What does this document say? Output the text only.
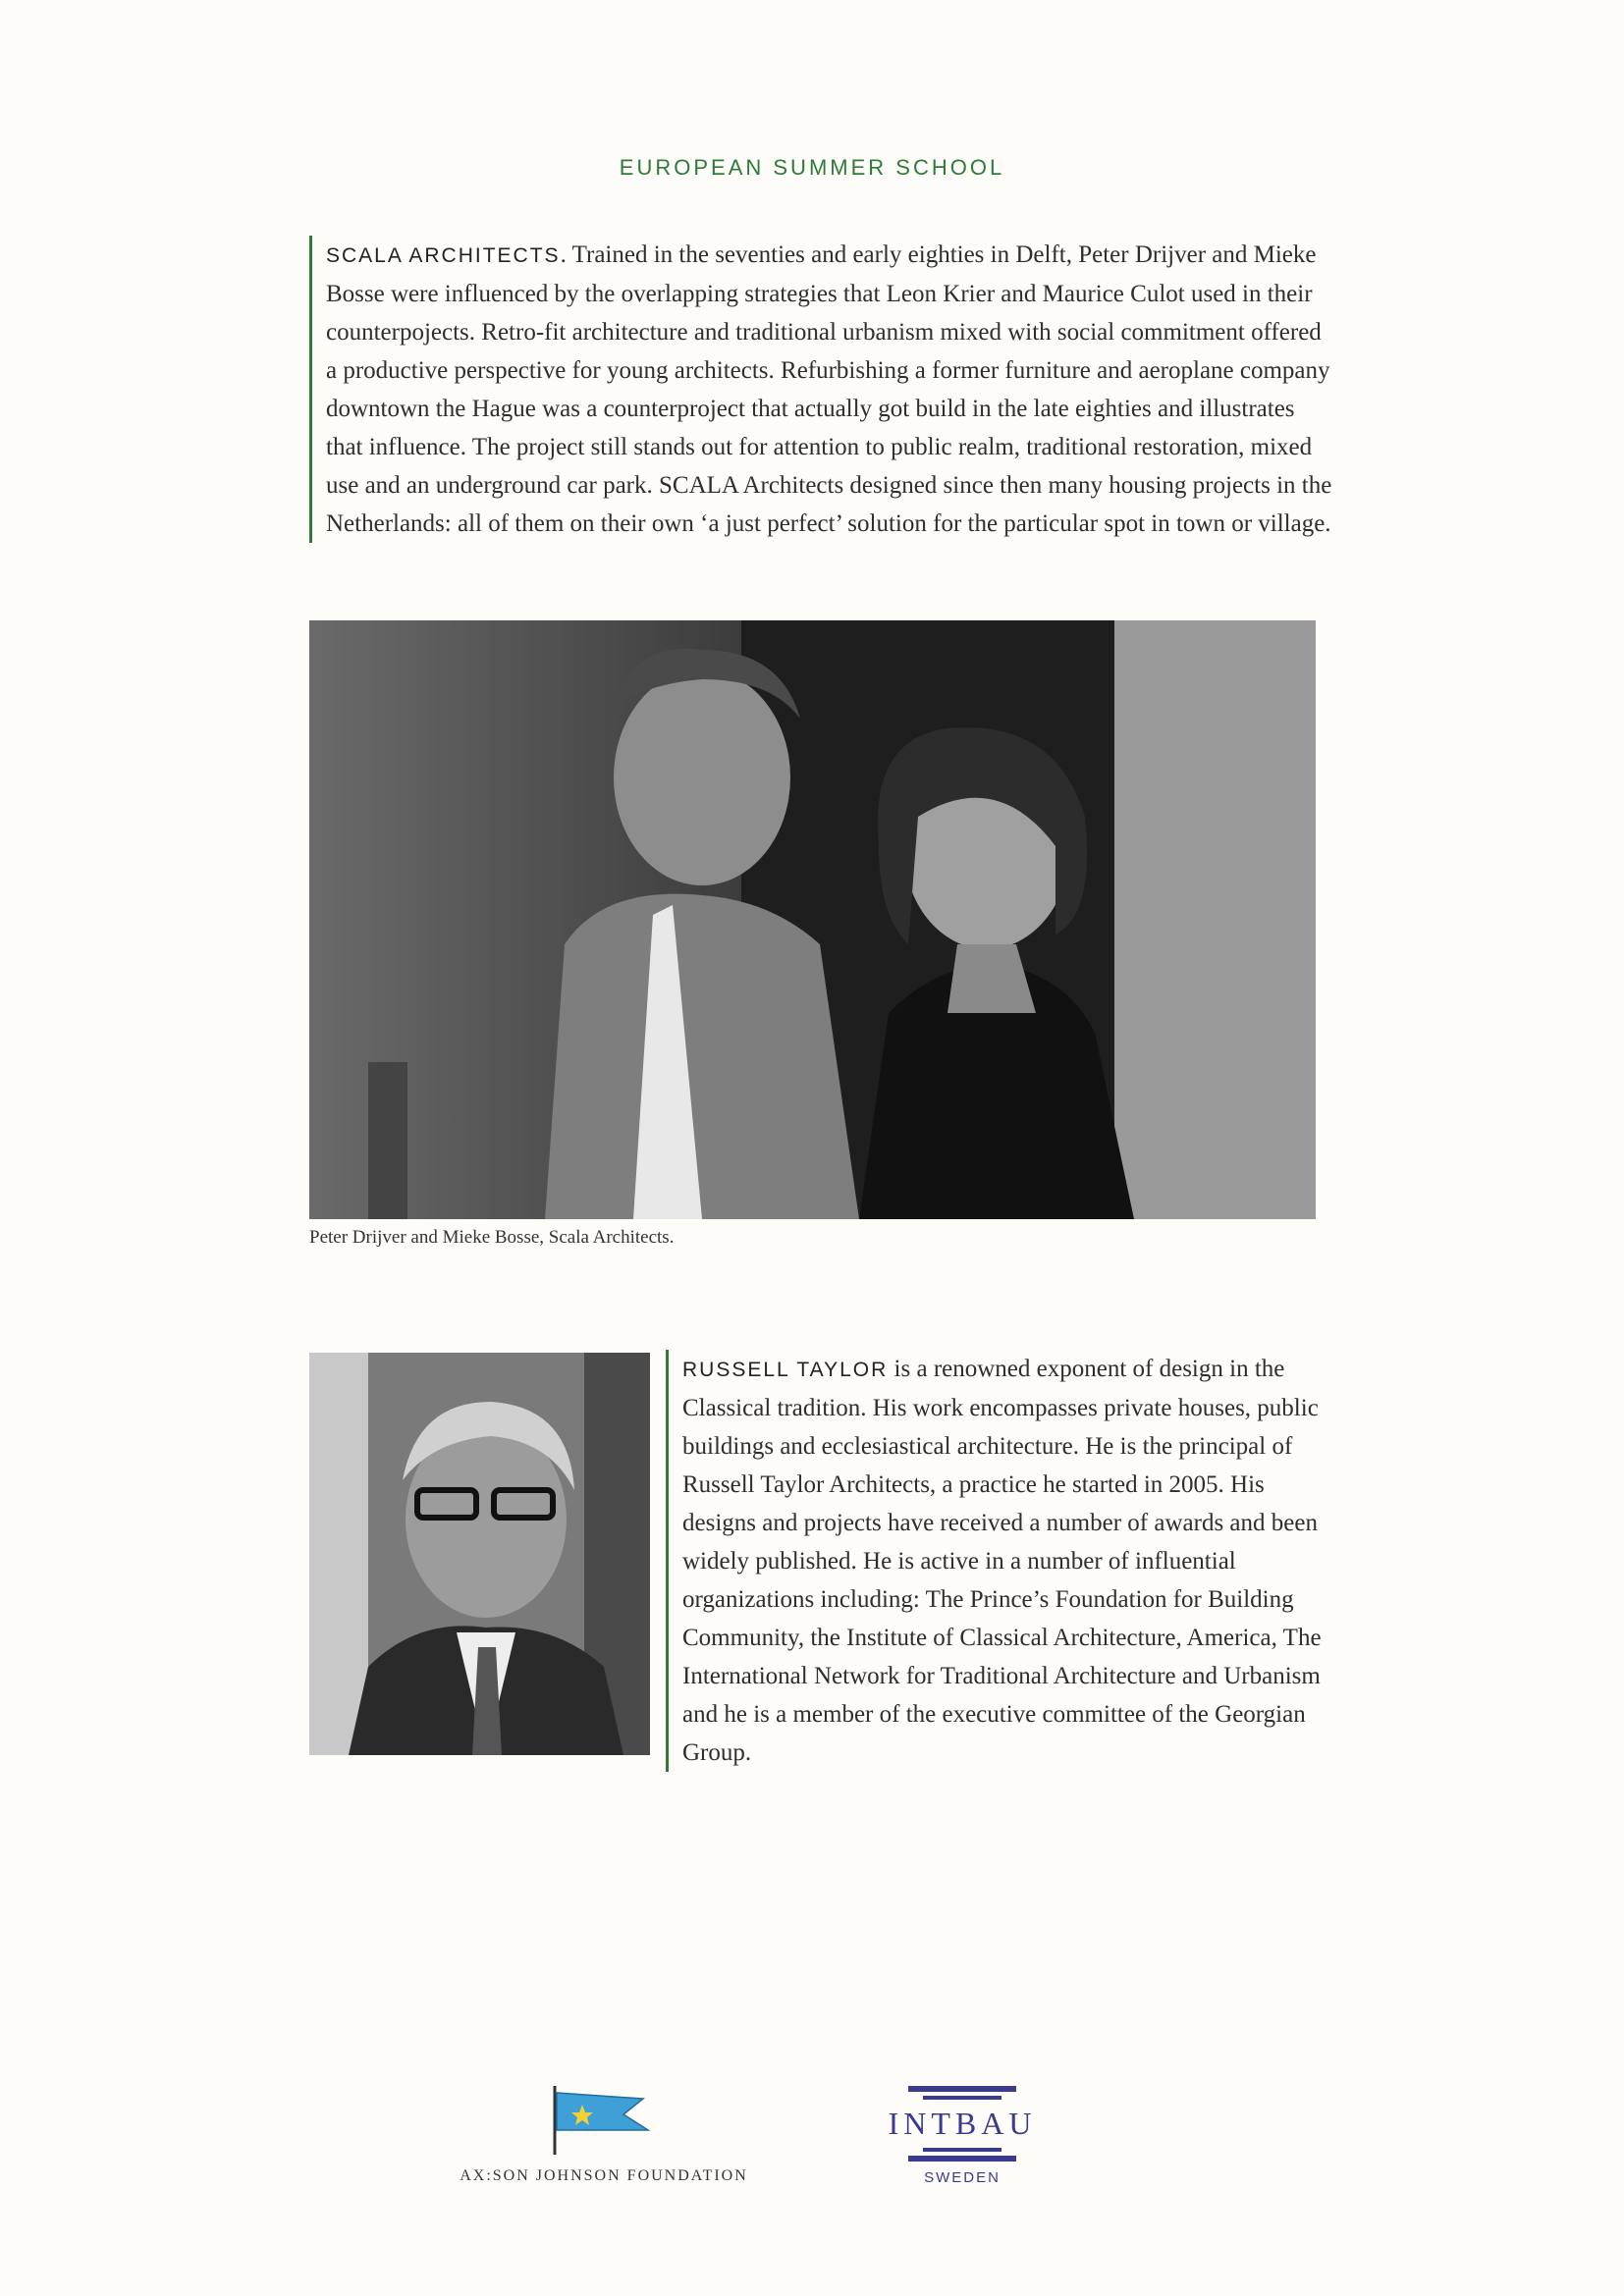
EUROPEAN SUMMER SCHOOL

SCALA ARCHITECTS. Trained in the seventies and early eighties in Delft, Peter Drijver and Mieke Bosse were influenced by the overlapping strategies that Leon Krier and Maurice Culot used in their counterpojects. Retro-fit architecture and traditional urbanism mixed with social commitment offered a productive perspective for young architects. Refurbishing a former furniture and aeroplane company downtown the Hague was a counterproject that actually got build in the late eighties and illustrates that influence. The project still stands out for attention to public realm, traditional restoration, mixed use and an underground car park. SCALA Architects designed since then many housing projects in the Netherlands: all of them on their own ‘a just perfect’ solution for the particular spot in town or village.

Peter Drijver and Mieke Bosse, Scala Architects.

RUSSELL TAYLOR is a renowned exponent of design in the Classical tradition. His work encompasses private houses, public buildings and ecclesiastical architecture. He is the principal of Russell Taylor Architects, a practice he started in 2005. His designs and projects have received a number of awards and been widely published. He is active in a number of influential organizations including: The Prince’s Foundation for Building Community, the Institute of Classical Architecture, America, The International Network for Traditional Architecture and Urbanism and he is a member of the executive committee of the Georgian Group.

AX:SON JOHNSON FOUNDATION
INTBAU
SWEDEN
